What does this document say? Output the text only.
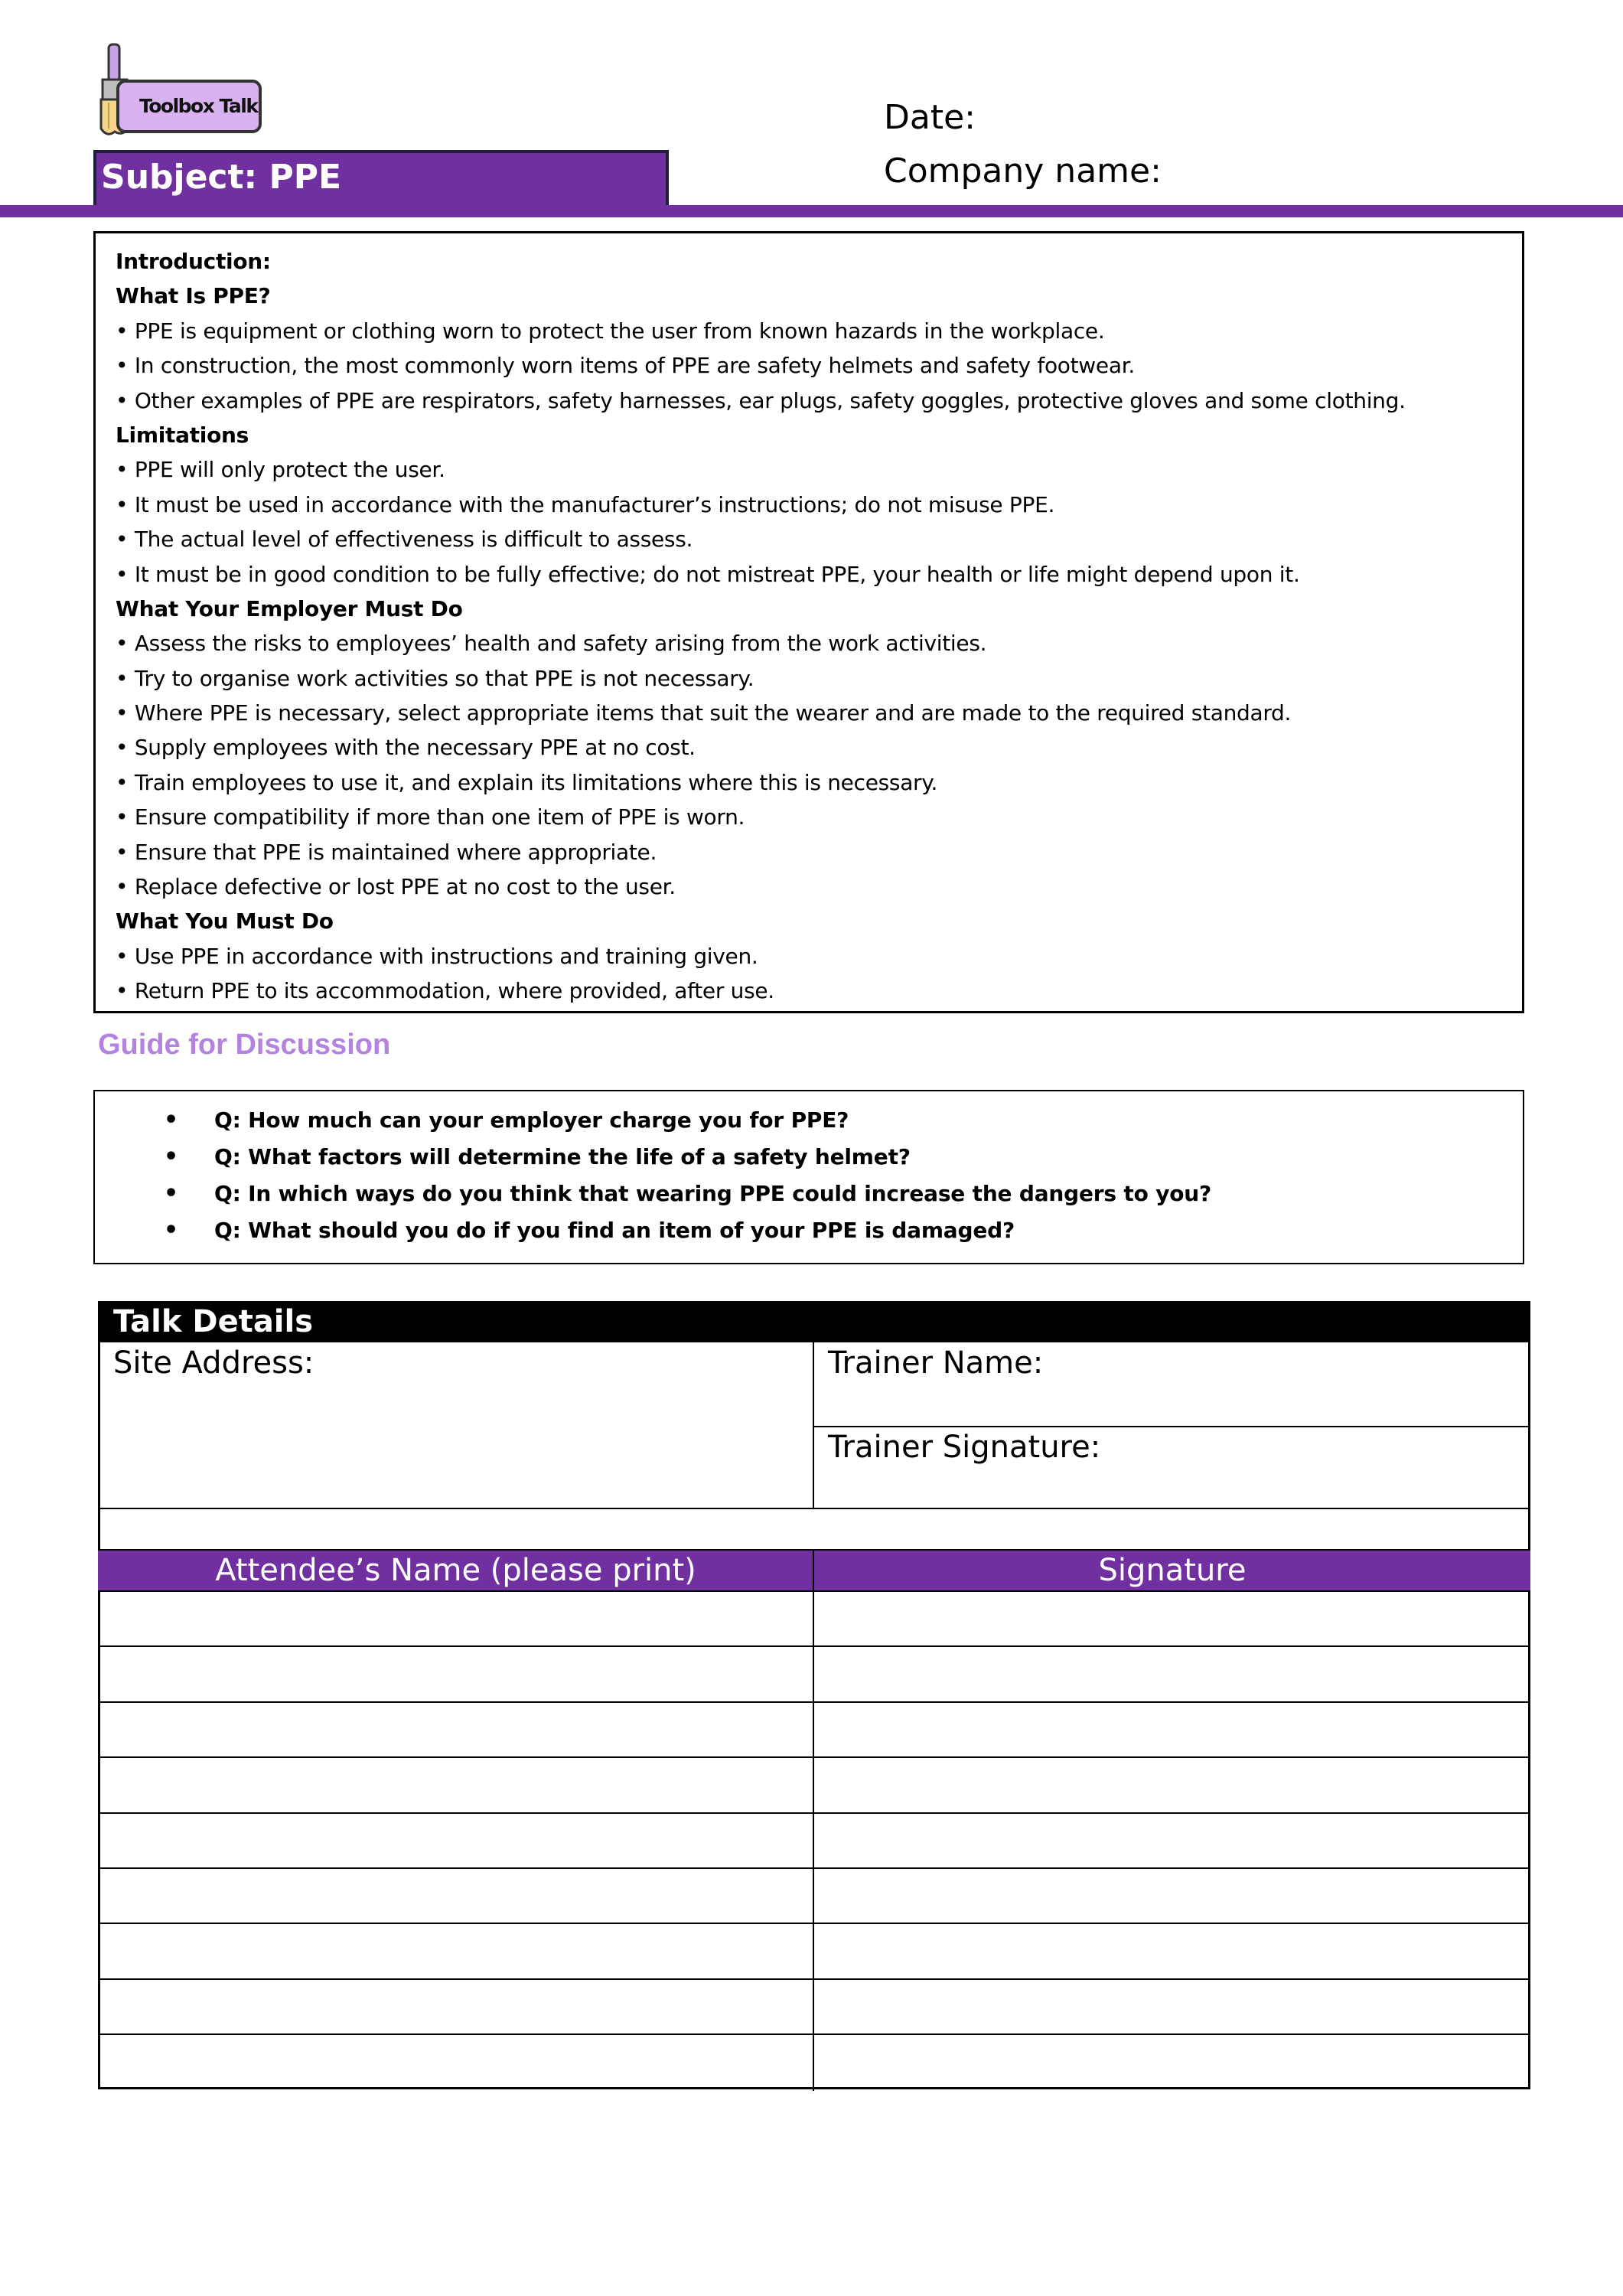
Toolbox Talk	Date:
Company name:
Subject: PPE
Introduction:
What Is PPE?
• PPE is equipment or clothing worn to protect the user from known hazards in the workplace.
• In construction, the most commonly worn items of PPE are safety helmets and safety footwear.
• Other examples of PPE are respirators, safety harnesses, ear plugs, safety goggles, protective gloves and some clothing.
Limitations
• PPE will only protect the user.
• It must be used in accordance with the manufacturer’s instructions; do not misuse PPE.
• The actual level of effectiveness is difficult to assess.
• It must be in good condition to be fully effective; do not mistreat PPE, your health or life might depend upon it.
What Your Employer Must Do
• Assess the risks to employees’ health and safety arising from the work activities.
• Try to organise work activities so that PPE is not necessary.
• Where PPE is necessary, select appropriate items that suit the wearer and are made to the required standard.
• Supply employees with the necessary PPE at no cost.
• Train employees to use it, and explain its limitations where this is necessary.
• Ensure compatibility if more than one item of PPE is worn.
• Ensure that PPE is maintained where appropriate.
• Replace defective or lost PPE at no cost to the user.
What You Must Do
• Use PPE in accordance with instructions and training given.
• Return PPE to its accommodation, where provided, after use.
Guide for Discussion
• Q: How much can your employer charge you for PPE?
• Q: What factors will determine the life of a safety helmet?
• Q: In which ways do you think that wearing PPE could increase the dangers to you?
• Q: What should you do if you find an item of your PPE is damaged?
Talk Details
Site Address:	Trainer Name:
Trainer Signature:
Attendee’s Name (please print)	Signature
